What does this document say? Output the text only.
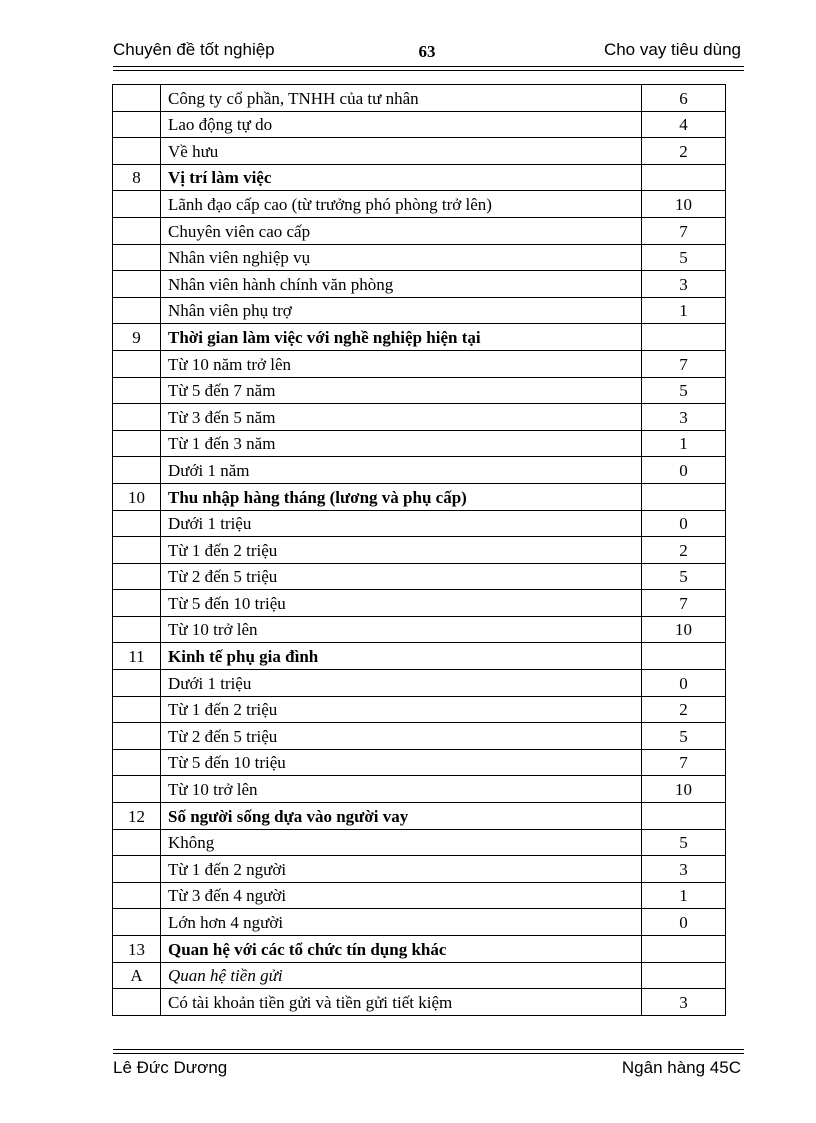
Chuyên đề tốt nghiệp	63	Cho vay tiêu dùng
	Công ty cổ phần, TNHH của tư nhân	6
	Lao động tự do	4
	Về hưu	2
8	Vị trí làm việc	
	Lãnh đạo cấp cao (từ trưởng phó phòng trở lên)	10
	Chuyên viên cao cấp	7
	Nhân viên nghiệp vụ	5
	Nhân viên hành chính văn phòng	3
	Nhân viên phụ trợ	1
9	Thời gian làm việc với nghề nghiệp hiện tại	
	Từ 10 năm trở lên	7
	Từ 5 đến 7 năm	5
	Từ 3 đến 5 năm	3
	Từ 1 đến 3 năm	1
	Dưới 1 năm	0
10	Thu nhập hàng tháng (lương và phụ cấp)	
	Dưới 1 triệu	0
	Từ 1 đến 2 triệu	2
	Từ 2 đến 5 triệu	5
	Từ 5 đến 10 triệu	7
	Từ 10 trở lên	10
11	Kinh tế phụ gia đình	
	Dưới 1 triệu	0
	Từ 1 đến 2 triệu	2
	Từ 2 đến 5 triệu	5
	Từ 5 đến 10 triệu	7
	Từ 10 trở lên	10
12	Số người sống dựa vào người vay	
	Không	5
	Từ 1 đến 2 người	3
	Từ 3 đến 4 người	1
	Lớn hơn 4 người	0
13	Quan hệ với các tổ chức tín dụng khác	
A	Quan hệ tiền gửi	
	Có tài khoản tiền gửi và tiền gửi tiết kiệm	3
Lê Đức Dương	Ngân hàng 45C
